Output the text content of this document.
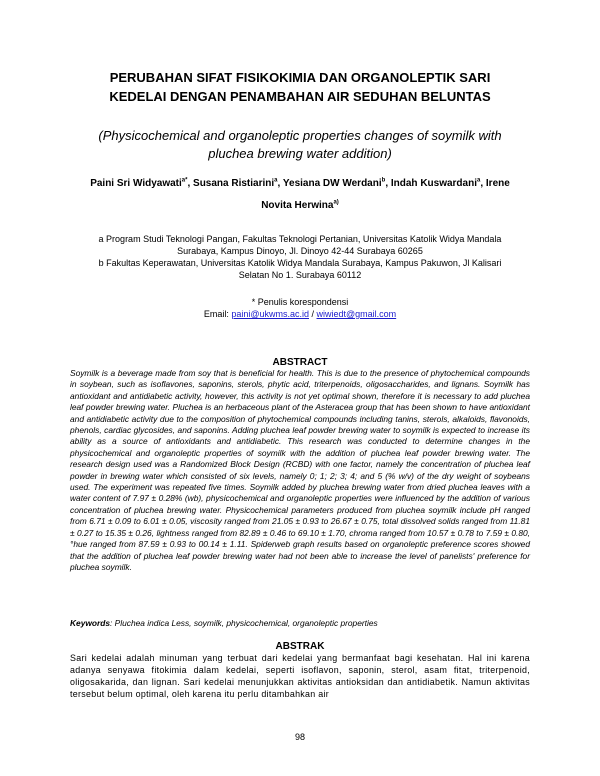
PERUBAHAN SIFAT FISIKOKIMIA DAN ORGANOLEPTIK SARI
KEDELAI DENGAN PENAMBAHAN AIR SEDUHAN BELUNTAS
(Physicochemical and organoleptic properties changes of soymilk with
pluchea brewing water addition)
Paini Sri Widyawati$^{a*}$, Susana Ristiarini$^a$, Yesiana DW Werdani$^b$, Indah Kuswardani$^a$, Irene
Novita Herwina$^{a)}$
a Program Studi Teknologi Pangan, Fakultas Teknologi Pertanian, Universitas Katolik Widya Mandala
Surabaya, Kampus Dinoyo, Jl. Dinoyo 42-44 Surabaya 60265
b Fakultas Keperawatan, Universitas Katolik Widya Mandala Surabaya, Kampus Pakuwon, Jl Kalisari
Selatan No 1. Surabaya 60112
* Penulis korespondensi
Email: paini@ukwms.ac.id / wiwiedt@gmail.com
ABSTRACT
Soymilk is a beverage made from soy that is beneficial for health. This is due to the presence of phytochemical compounds in soybean, such as isoflavones, saponins, sterols, phytic acid, triterpenoids, oligosaccharides, and lignans. Soymilk has antioxidant and antidiabetic activity, however, this activity is not yet optimal shown, therefore it is necessary to add pluchea leaf powder brewing water. Pluchea is an herbaceous plant of the Asteracea group that has been shown to have antioxidant and antidiabetic activity due to the composition of phytochemical compounds including tanins, sterols, alkaloids, flavonoids, phenols, cardiac glycosides, and saponins. Adding pluchea leaf powder brewing water to soymilk is expected to increase its ability as a source of antioxidants and antidiabetic. This research was conducted to determine changes in the physicochemical and organoleptic properties of soymilk with the addition of pluchea leaf powder brewing water. The research design used was a Randomized Block Design (RCBD) with one factor, namely the concentration of pluchea leaf powder in brewing water which consisted of six levels, namely 0; 1; 2; 3; 4; and 5 (% w/v) of the dry weight of soybeans used. The experiment was repeated five times. Soymilk added by pluchea brewing water from dried pluchea leaves with a water content of 7.97 ± 0.28% (wb), physicochemical and organoleptic properties were influenced by the addition of various concentration of pluchea brewing water. Physicochemical parameters produced from pluchea soymilk include pH ranged from 6.71 ± 0.09 to 6.01 ± 0.05, viscosity ranged from 21.05 ± 0.93 to 26.67 ± 0.75, total dissolved solids ranged from 11.81 ± 0.27 to 15.35 ± 0.26, lightness ranged from 82.89 ± 0.46 to 69.10 ± 1.70, chroma ranged from 10.57 ± 0.78 to 7.59 ± 0.80, °hue ranged from 87.59 ± 0.93 to 00.14 ± 1.11. Spiderweb graph results based on organoleptic preference scores showed that the addition of pluchea leaf powder brewing water had not been able to increase the level of panelists' preference for pluchea soymilk.
Keywords: Pluchea indica Less, soymilk, physicochemical, organoleptic properties
ABSTRAK
Sari kedelai adalah minuman yang terbuat dari kedelai yang bermanfaat bagi kesehatan. Hal ini karena adanya senyawa fitokimia dalam kedelai, seperti isoflavon, saponin, sterol, asam fitat, triterpenoid, oligosakarida, dan lignan. Sari kedelai menunjukkan aktivitas antioksidan dan antidiabetik. Namun aktivitas tersebut belum optimal, oleh karena itu perlu ditambahkan air
98
